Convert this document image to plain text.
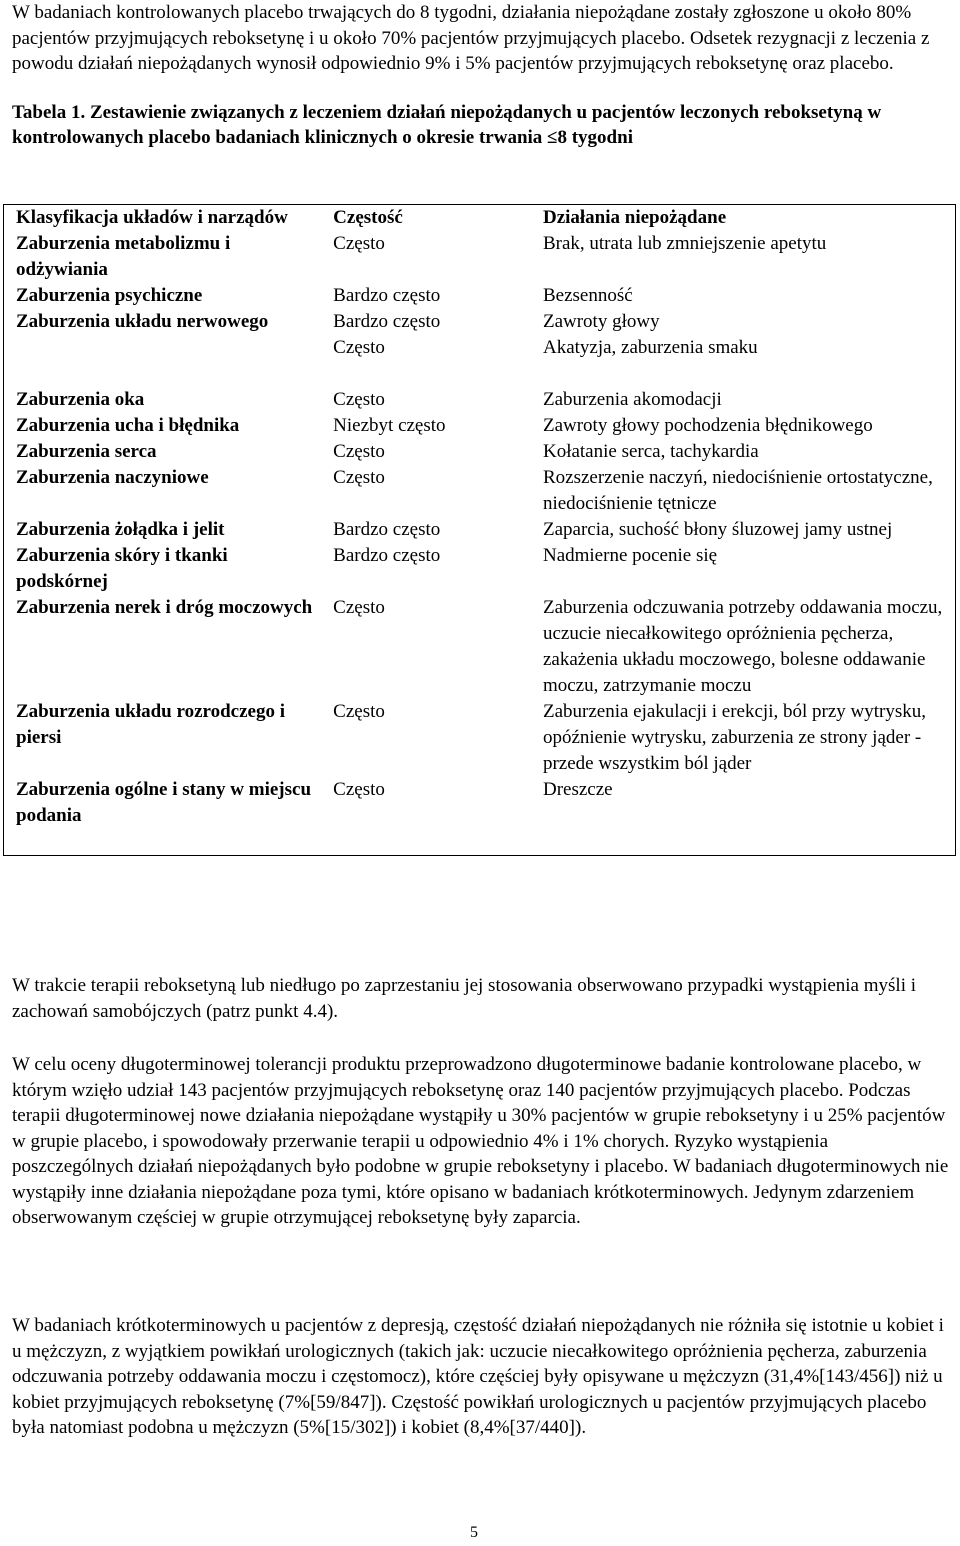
W badaniach kontrolowanych placebo trwających do 8 tygodni, działania niepożądane zostały zgłoszone u około 80% pacjentów przyjmujących reboksetynę i u około 70% pacjentów przyjmujących placebo. Odsetek rezygnacji z leczenia z powodu działań niepożądanych wynosił odpowiednio 9% i 5% pacjentów przyjmujących reboksetynę oraz placebo.

Tabela 1. Zestawienie związanych z leczeniem działań niepożądanych u pacjentów leczonych reboksetyną w kontrolowanych placebo badaniach klinicznych o okresie trwania ≤8 tygodni

Klasyfikacja układów i narządów	Częstość	Działania niepożądane
Zaburzenia metabolizmu i odżywiania	Często	Brak, utrata lub zmniejszenie apetytu
Zaburzenia psychiczne	Bardzo często	Bezsenność
Zaburzenia układu nerwowego	Bardzo często	Zawroty głowy
	Często	Akatyzja, zaburzenia smaku

Zaburzenia oka	Często	Zaburzenia akomodacji
Zaburzenia ucha i błędnika	Niezbyt często	Zawroty głowy pochodzenia błędnikowego
Zaburzenia serca	Często	Kołatanie serca, tachykardia
Zaburzenia naczyniowe	Często	Rozszerzenie naczyń, niedociśnienie ortostatyczne, niedociśnienie tętnicze
Zaburzenia żołądka i jelit	Bardzo często	Zaparcia, suchość błony śluzowej jamy ustnej
Zaburzenia skóry i tkanki podskórnej	Bardzo często	Nadmierne pocenie się
Zaburzenia nerek i dróg moczowych	Często	Zaburzenia odczuwania potrzeby oddawania moczu, uczucie niecałkowitego opróżnienia pęcherza, zakażenia układu moczowego, bolesne oddawanie moczu, zatrzymanie moczu
Zaburzenia układu rozrodczego i piersi	Często	Zaburzenia ejakulacji i erekcji, ból przy wytrysku, opóźnienie wytrysku, zaburzenia ze strony jąder - przede wszystkim ból jąder
Zaburzenia ogólne i stany w miejscu podania	Często	Dreszcze

W trakcie terapii reboksetyną lub niedługo po zaprzestaniu jej stosowania obserwowano przypadki wystąpienia myśli i zachowań samobójczych (patrz punkt 4.4).

W celu oceny długoterminowej tolerancji produktu przeprowadzono długoterminowe badanie kontrolowane placebo, w którym wzięło udział 143 pacjentów przyjmujących reboksetynę oraz 140 pacjentów przyjmujących placebo. Podczas terapii długoterminowej nowe działania niepożądane wystąpiły u 30% pacjentów w grupie reboksetyny i u 25% pacjentów w grupie placebo, i spowodowały przerwanie terapii u odpowiednio 4% i 1% chorych. Ryzyko wystąpienia poszczególnych działań niepożądanych było podobne w grupie reboksetyny i placebo. W badaniach długoterminowych nie wystąpiły inne działania niepożądane poza tymi, które opisano w badaniach krótkoterminowych. Jedynym zdarzeniem obserwowanym częściej w grupie otrzymującej reboksetynę były zaparcia.

W badaniach krótkoterminowych u pacjentów z depresją, częstość działań niepożądanych nie różniła się istotnie u kobiet i u mężczyzn, z wyjątkiem powikłań urologicznych (takich jak: uczucie niecałkowitego opróżnienia pęcherza, zaburzenia odczuwania potrzeby oddawania moczu i częstomocz), które częściej były opisywane u mężczyzn (31,4%[143/456]) niż u kobiet przyjmujących reboksetynę (7%[59/847]). Częstość powikłań urologicznych u pacjentów przyjmujących placebo była natomiast podobna u mężczyzn (5%[15/302]) i kobiet (8,4%[37/440]).

5
